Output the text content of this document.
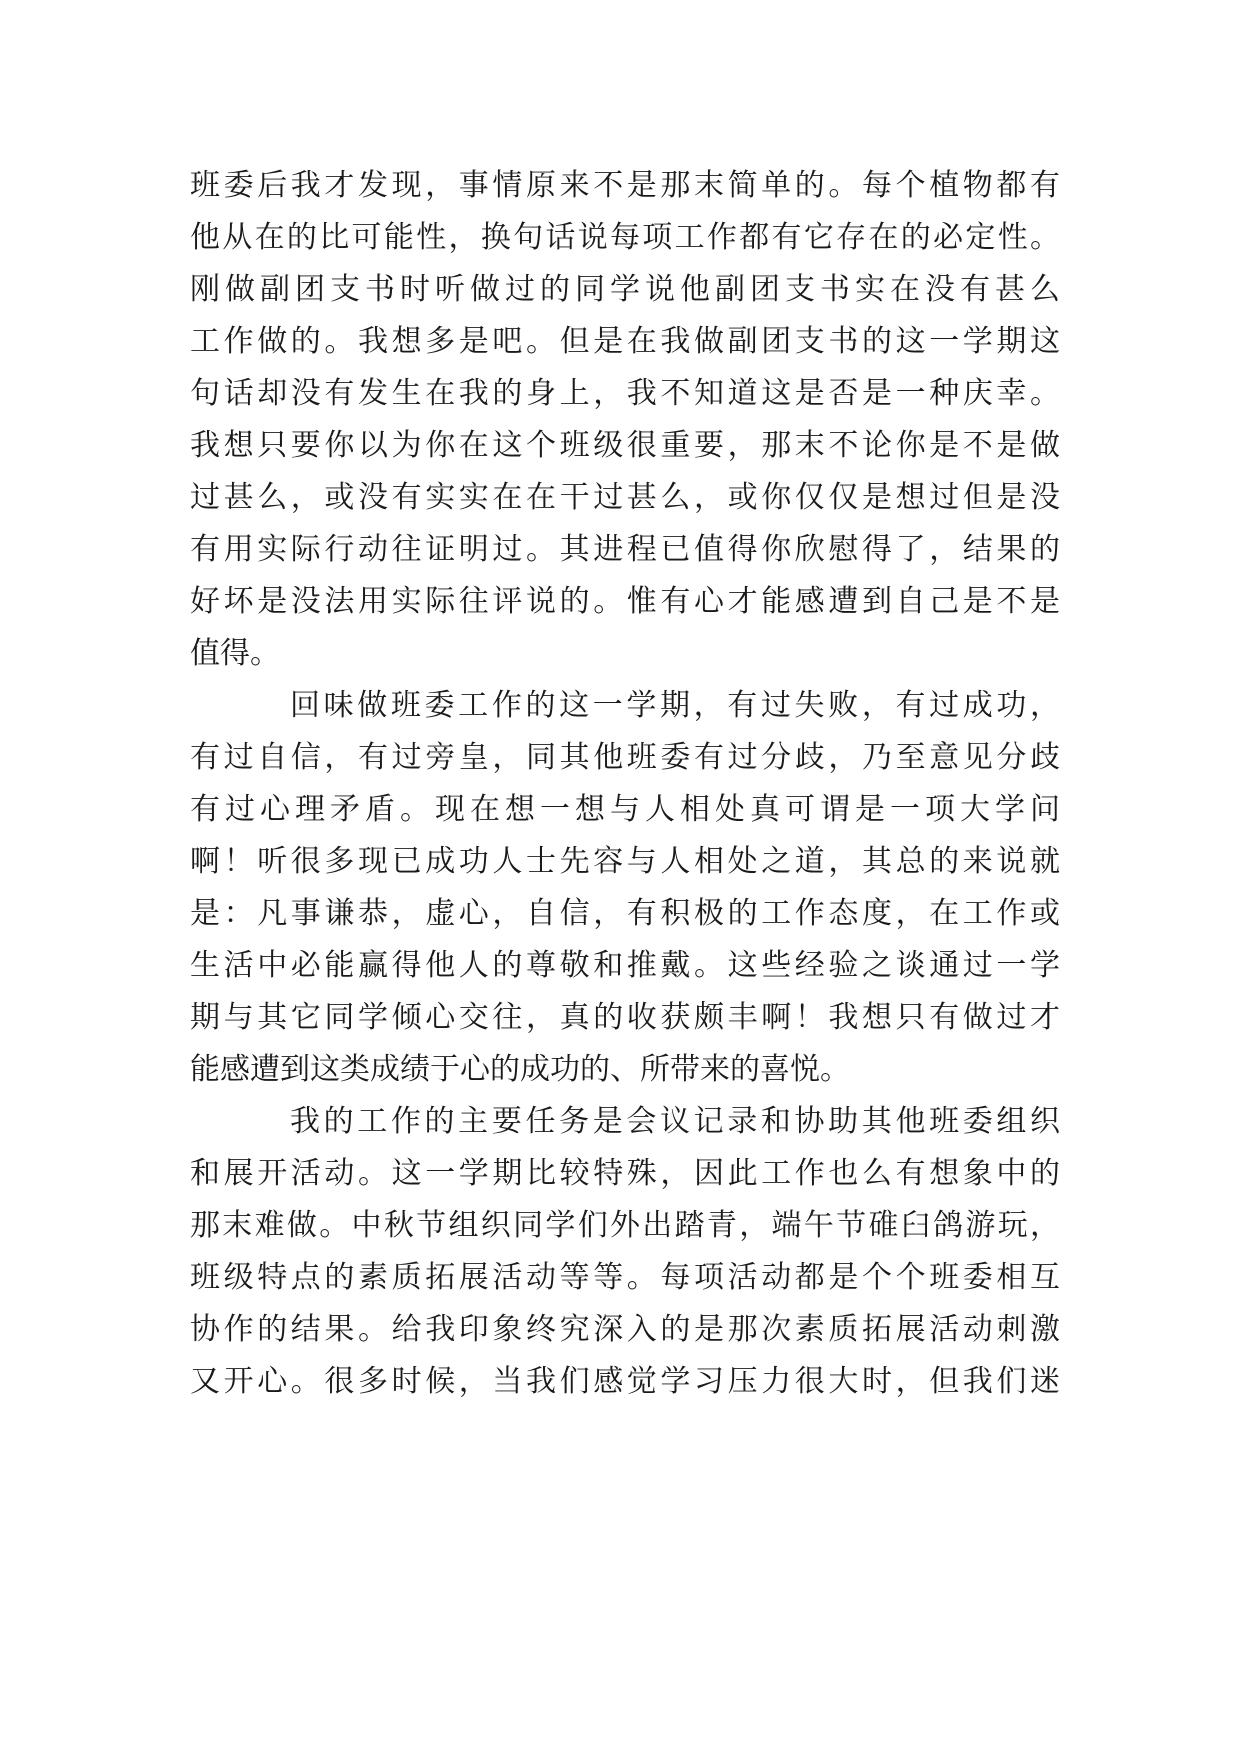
班委后我才发现，事情原来不是那末简单的。每个植物都有
他从在的比可能性，换句话说每项工作都有它存在的必定性。
刚做副团支书时听做过的同学说他副团支书实在没有甚么
工作做的。我想多是吧。但是在我做副团支书的这一学期这
句话却没有发生在我的身上，我不知道这是否是一种庆幸。
我想只要你以为你在这个班级很重要，那末不论你是不是做
过甚么，或没有实实在在干过甚么，或你仅仅是想过但是没
有用实际行动往证明过。其进程已值得你欣慰得了，结果的
好坏是没法用实际往评说的。惟有心才能感遭到自己是不是
值得。
回味做班委工作的这一学期，有过失败，有过成功，
有过自信，有过旁皇，同其他班委有过分歧，乃至意见分歧
有过心理矛盾。现在想一想与人相处真可谓是一项大学问
啊！听很多现已成功人士先容与人相处之道，其总的来说就
是：凡事谦恭，虚心，自信，有积极的工作态度，在工作或
生活中必能赢得他人的尊敬和推戴。这些经验之谈通过一学
期与其它同学倾心交往，真的收获颇丰啊！我想只有做过才
能感遭到这类成绩于心的成功的、所带来的喜悦。
我的工作的主要任务是会议记录和协助其他班委组织
和展开活动。这一学期比较特殊，因此工作也么有想象中的
那末难做。中秋节组织同学们外出踏青，端午节碓臼鸽游玩，
班级特点的素质拓展活动等等。每项活动都是个个班委相互
协作的结果。给我印象终究深入的是那次素质拓展活动刺激
又开心。很多时候，当我们感觉学习压力很大时，但我们迷
